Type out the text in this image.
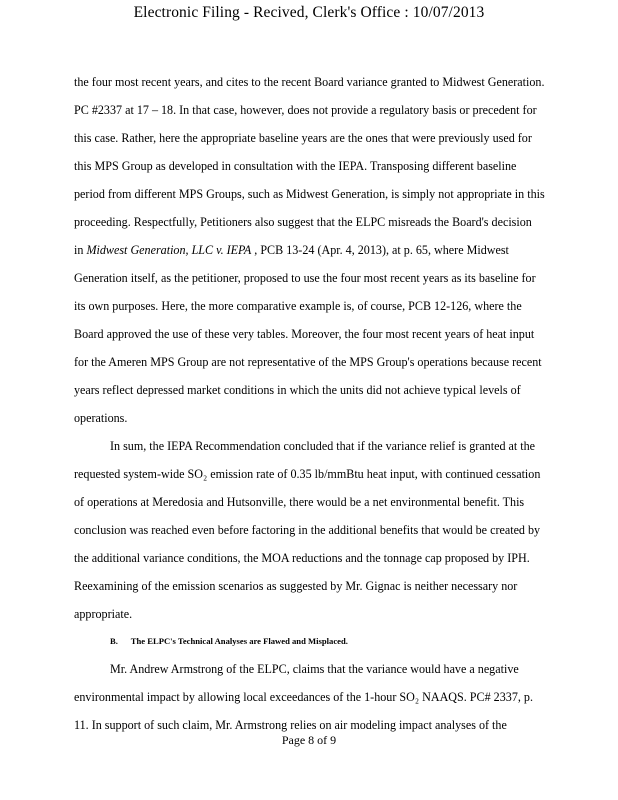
Electronic Filing - Recived, Clerk's Office : 10/07/2013
the four most recent years, and cites to the recent Board variance granted to Midwest Generation.
PC #2337 at 17 – 18. In that case, however, does not provide a regulatory basis or precedent for
this case. Rather, here the appropriate baseline years are the ones that were previously used for
this MPS Group as developed in consultation with the IEPA. Transposing different baseline
period from different MPS Groups, such as Midwest Generation, is simply not appropriate in this
proceeding. Respectfully, Petitioners also suggest that the ELPC misreads the Board's decision
in Midwest Generation, LLC v. IEPA , PCB 13-24 (Apr. 4, 2013), at p. 65, where Midwest
Generation itself, as the petitioner, proposed to use the four most recent years as its baseline for
its own purposes. Here, the more comparative example is, of course, PCB 12-126, where the
Board approved the use of these very tables. Moreover, the four most recent years of heat input
for the Ameren MPS Group are not representative of the MPS Group's operations because recent
years reflect depressed market conditions in which the units did not achieve typical levels of
operations.
In sum, the IEPA Recommendation concluded that if the variance relief is granted at the
requested system-wide SO₂ emission rate of 0.35 lb/mmBtu heat input, with continued cessation
of operations at Meredosia and Hutsonville, there would be a net environmental benefit. This
conclusion was reached even before factoring in the additional benefits that would be created by
the additional variance conditions, the MOA reductions and the tonnage cap proposed by IPH.
Reexamining of the emission scenarios as suggested by Mr. Gignac is neither necessary nor
appropriate.
B. The ELPC's Technical Analyses are Flawed and Misplaced.
Mr. Andrew Armstrong of the ELPC, claims that the variance would have a negative
environmental impact by allowing local exceedances of the 1-hour SO₂ NAAQS. PC# 2337, p.
11. In support of such claim, Mr. Armstrong relies on air modeling impact analyses of the
Page 8 of 9
